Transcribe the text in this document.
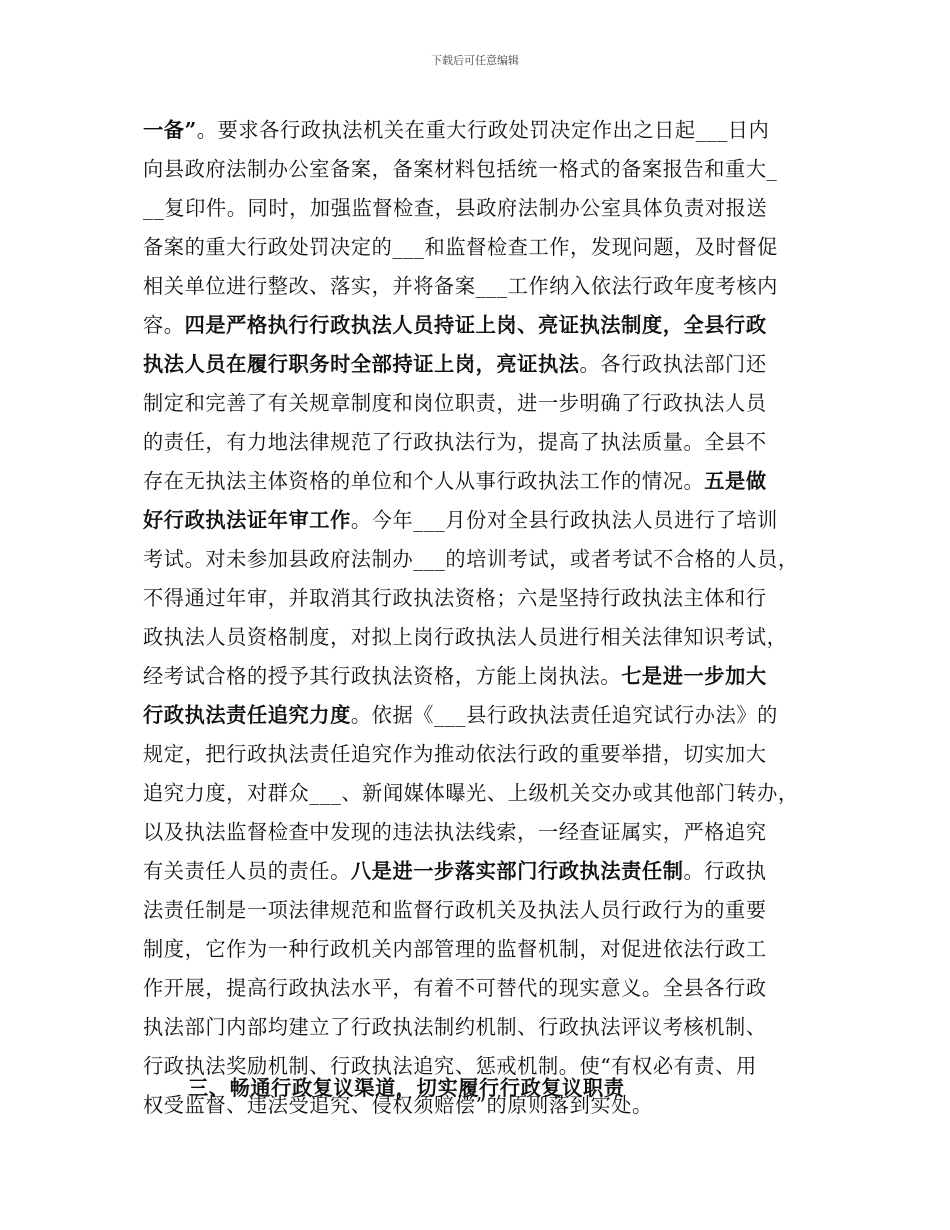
下载后可任意编辑
一备”。要求各行政执法机关在重大行政处罚决定作出之日起___日内
向县政府法制办公室备案，备案材料包括统一格式的备案报告和重大_
__复印件。同时，加强监督检查，县政府法制办公室具体负责对报送
备案的重大行政处罚决定的___和监督检查工作，发现问题，及时督促
相关单位进行整改、落实，并将备案___工作纳入依法行政年度考核内
容。四是严格执行行政执法人员持证上岗、亮证执法制度，全县行政
执法人员在履行职务时全部持证上岗，亮证执法。各行政执法部门还
制定和完善了有关规章制度和岗位职责，进一步明确了行政执法人员
的责任，有力地法律规范了行政执法行为，提高了执法质量。全县不
存在无执法主体资格的单位和个人从事行政执法工作的情况。五是做
好行政执法证年审工作。今年___月份对全县行政执法人员进行了培训
考试。对未参加县政府法制办___的培训考试，或者考试不合格的人员，
不得通过年审，并取消其行政执法资格；六是坚持行政执法主体和行
政执法人员资格制度，对拟上岗行政执法人员进行相关法律知识考试，
经考试合格的授予其行政执法资格，方能上岗执法。七是进一步加大
行政执法责任追究力度。依据《___县行政执法责任追究试行办法》的
规定，把行政执法责任追究作为推动依法行政的重要举措，切实加大
追究力度，对群众___、新闻媒体曝光、上级机关交办或其他部门转办，
以及执法监督检查中发现的违法执法线索，一经查证属实，严格追究
有关责任人员的责任。八是进一步落实部门行政执法责任制。行政执
法责任制是一项法律规范和监督行政机关及执法人员行政行为的重要
制度，它作为一种行政机关内部管理的监督机制，对促进依法行政工
作开展，提高行政执法水平，有着不可替代的现实意义。全县各行政
执法部门内部均建立了行政执法制约机制、行政执法评议考核机制、
行政执法奖励机制、行政执法追究、惩戒机制。使“有权必有责、用
权受监督、违法受追究、侵权须赔偿”的原则落到实处。
三、畅通行政复议渠道，切实履行行政复议职责
